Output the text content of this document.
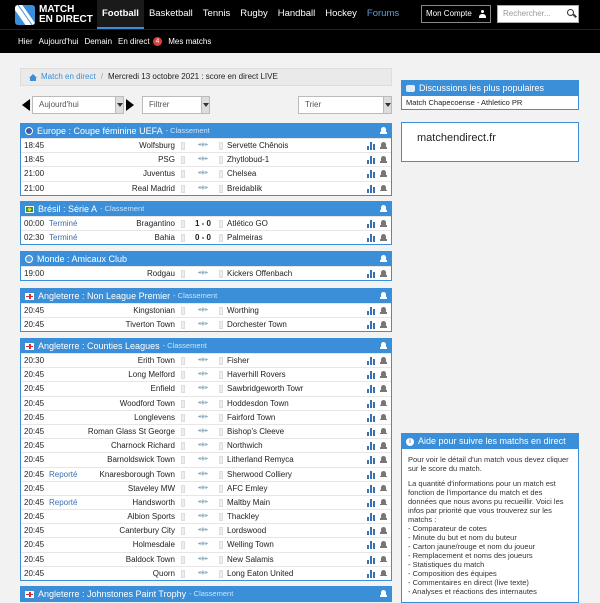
MATCH
EN DIRECT Football	Basketball	Tennis	Rugby	Handball	Hockey	Forums	Mon Compte	Rechercher...
Hier Aujourd'hui Demain En direct 4	Mes matchs
Match en direct / Mercredi 13 octobre 2021 : score en direct LIVE
Aujourd'hui	Filtrer	Trier
Europe : Coupe féminine UEFA - Classement
18:45	Wolfsburg	◂◈▸	Servette Chênois
18:45	PSG	◂◈▸	Zhytlobud-1
21:00	Juventus	◂◈▸	Chelsea
21:00	Real Madrid	◂◈▸	Breidablik
Brésil : Série A - Classement
00:00 Terminé	Bragantino	1 - 0	Atlético GO
02:30 Terminé	Bahia	0 - 0	Palmeiras
Monde : Amicaux Club
19:00	Rodgau	◂◈▸	Kickers Offenbach
Angleterre : Non League Premier - Classement
20:45	Kingstonian	◂◈▸	Worthing
20:45	Tiverton Town	◂◈▸	Dorchester Town
Angleterre : Counties Leagues - Classement
20:30	Erith Town	◂◈▸	Fisher
20:45	Long Melford	◂◈▸	Haverhill Rovers
20:45	Enfield	◂◈▸	Sawbridgeworth Towr
20:45	Woodford Town	◂◈▸	Hoddesdon Town
20:45	Longlevens	◂◈▸	Fairford Town
20:45	Roman Glass St George	◂◈▸	Bishop's Cleeve
20:45	Charnock Richard	◂◈▸	Northwich
20:45	Barnoldswick Town	◂◈▸	Litherland Remyca
20:45 Reporté	Knaresborough Town	◂◈▸	Sherwood Colliery
20:45	Staveley MW	◂◈▸	AFC Emley
20:45 Reporté	Handsworth	◂◈▸	Maltby Main
20:45	Albion Sports	◂◈▸	Thackley
20:45	Canterbury City	◂◈▸	Lordswood
20:45	Holmesdale	◂◈▸	Welling Town
20:45	Baldock Town	◂◈▸	New Salamis
20:45	Quorn	◂◈▸	Long Eaton United
Angleterre : Johnstones Paint Trophy - Classement
Discussions les plus populaires
Match Chapecoense - Athletico PR
matchendirect.fr
i Aide pour suivre les matchs en direct

Pour voir le détail d'un match vous devez cliquer sur le score du match.

La quantité d'informations pour un match est fonction de l'importance du match et des données que nous avons pu recueillir. Voici les infos par priorité que vous trouverez sur les matchs :

- Comparateur de cotes
- Minute du but et nom du buteur
- Carton jaune/rouge et nom du joueur
- Remplacement et noms des joueurs
- Statistiques du match
- Composition des équipes
- Commentaires en direct (live texte)
- Analyses et réactions des internautes
